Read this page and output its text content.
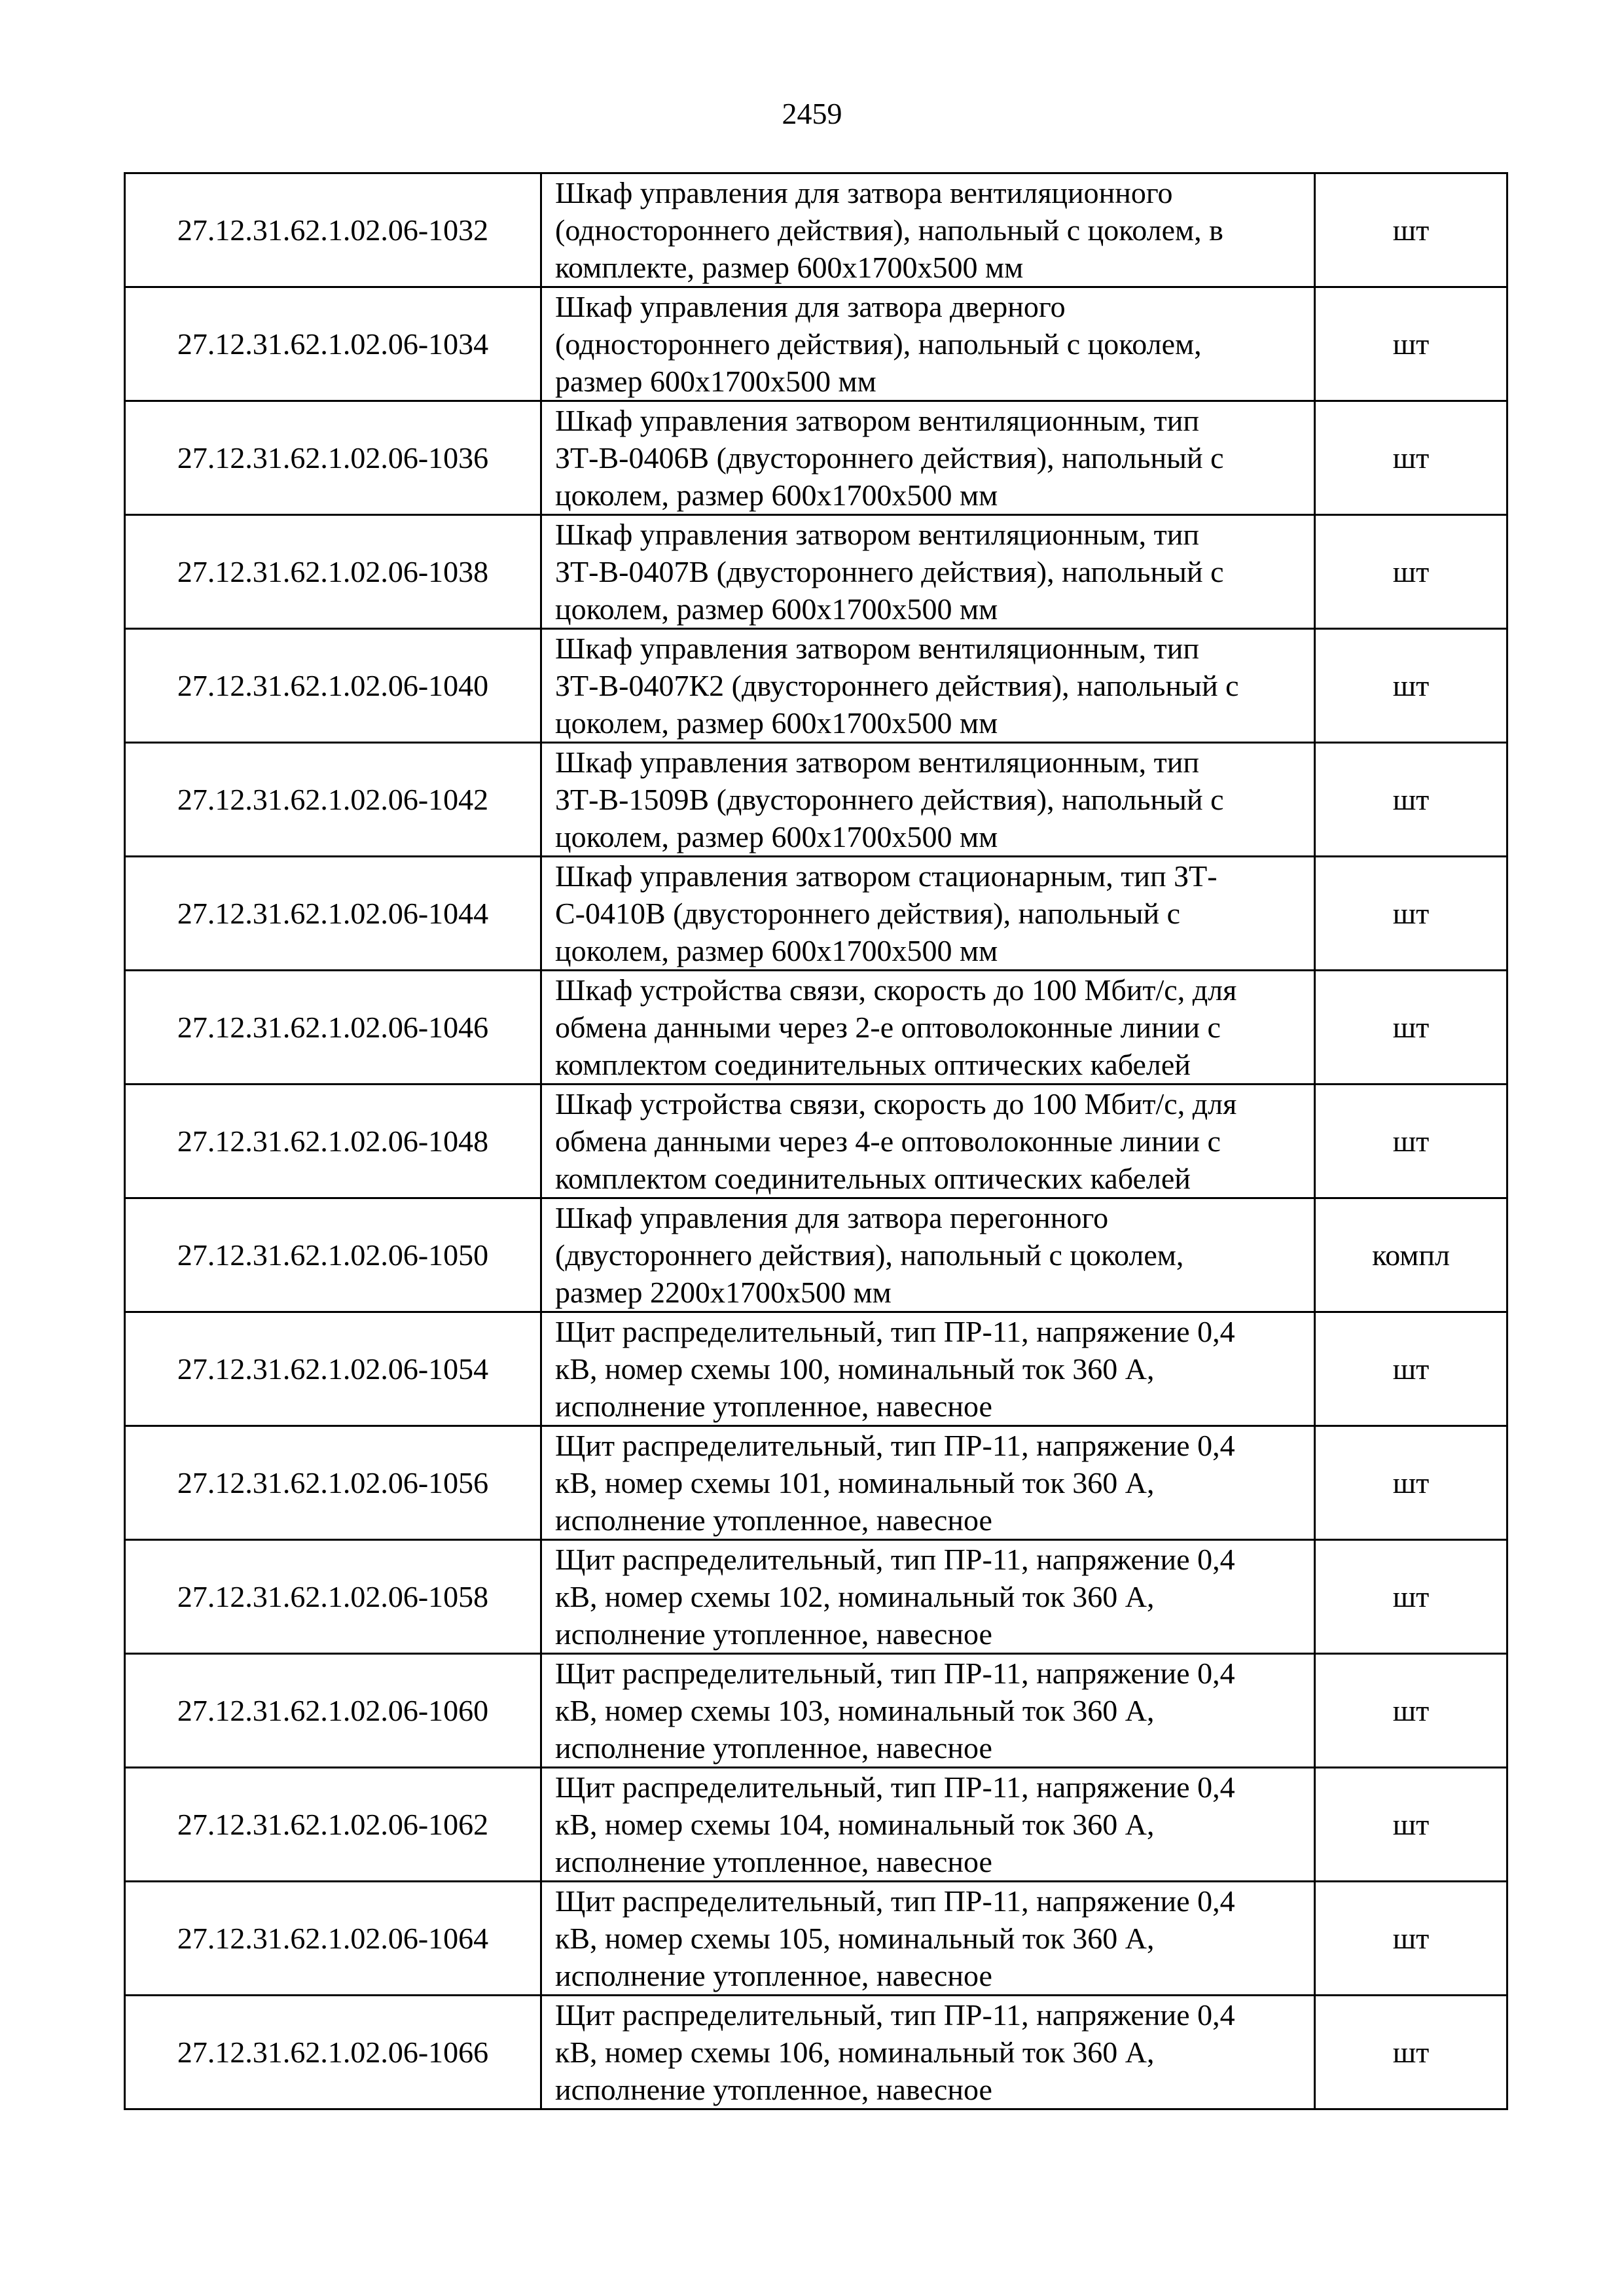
2459
27.12.31.62.1.02.06-1032	Шкаф управления для затвора вентиляционного
(одностороннего действия), напольный с цоколем, в
комплекте, размер 600х1700х500 мм	шт
27.12.31.62.1.02.06-1034	Шкаф управления для затвора дверного
(одностороннего действия), напольный с цоколем,
размер 600х1700х500 мм	шт
27.12.31.62.1.02.06-1036	Шкаф управления затвором вентиляционным, тип
ЗТ-В-0406В (двустороннего действия), напольный с
цоколем, размер 600х1700х500 мм	шт
27.12.31.62.1.02.06-1038	Шкаф управления затвором вентиляционным, тип
ЗТ-В-0407В (двустороннего действия), напольный с
цоколем, размер 600х1700х500 мм	шт
27.12.31.62.1.02.06-1040	Шкаф управления затвором вентиляционным, тип
ЗТ-В-0407К2 (двустороннего действия), напольный с
цоколем, размер 600х1700х500 мм	шт
27.12.31.62.1.02.06-1042	Шкаф управления затвором вентиляционным, тип
ЗТ-В-1509В (двустороннего действия), напольный с
цоколем, размер 600х1700х500 мм	шт
27.12.31.62.1.02.06-1044	Шкаф управления затвором стационарным, тип ЗТ-
С-0410В (двустороннего действия), напольный с
цоколем, размер 600х1700х500 мм	шт
27.12.31.62.1.02.06-1046	Шкаф устройства связи, скорость до 100 Мбит/с, для
обмена данными через 2-е оптоволоконные линии с
комплектом соединительных оптических кабелей	шт
27.12.31.62.1.02.06-1048	Шкаф устройства связи, скорость до 100 Мбит/с, для
обмена данными через 4-е оптоволоконные линии с
комплектом соединительных оптических кабелей	шт
27.12.31.62.1.02.06-1050	Шкаф управления для затвора перегонного
(двустороннего действия), напольный с цоколем,
размер 2200х1700х500 мм	компл
27.12.31.62.1.02.06-1054	Щит распределительный, тип ПР-11, напряжение 0,4
кВ, номер схемы 100, номинальный ток 360 А,
исполнение утопленное, навесное	шт
27.12.31.62.1.02.06-1056	Щит распределительный, тип ПР-11, напряжение 0,4
кВ, номер схемы 101, номинальный ток 360 А,
исполнение утопленное, навесное	шт
27.12.31.62.1.02.06-1058	Щит распределительный, тип ПР-11, напряжение 0,4
кВ, номер схемы 102, номинальный ток 360 А,
исполнение утопленное, навесное	шт
27.12.31.62.1.02.06-1060	Щит распределительный, тип ПР-11, напряжение 0,4
кВ, номер схемы 103, номинальный ток 360 А,
исполнение утопленное, навесное	шт
27.12.31.62.1.02.06-1062	Щит распределительный, тип ПР-11, напряжение 0,4
кВ, номер схемы 104, номинальный ток 360 А,
исполнение утопленное, навесное	шт
27.12.31.62.1.02.06-1064	Щит распределительный, тип ПР-11, напряжение 0,4
кВ, номер схемы 105, номинальный ток 360 А,
исполнение утопленное, навесное	шт
27.12.31.62.1.02.06-1066	Щит распределительный, тип ПР-11, напряжение 0,4
кВ, номер схемы 106, номинальный ток 360 А,
исполнение утопленное, навесное	шт
